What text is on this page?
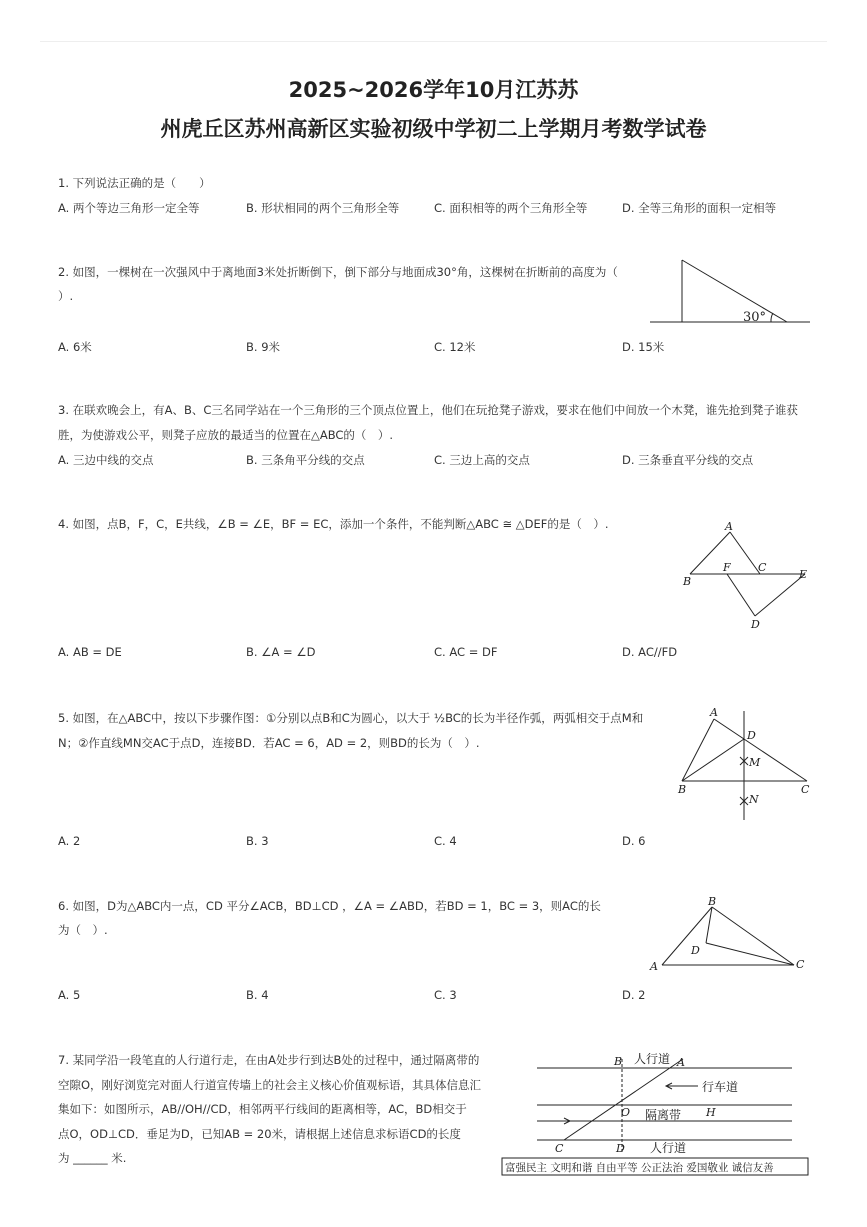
2025~2026学年10月江苏苏
州虎丘区苏州高新区实验初级中学初二上学期月考数学试卷
1. 下列说法正确的是（　　）
A. 两个等边三角形一定全等	B. 形状相同的两个三角形全等	C. 面积相等的两个三角形全等	D. 全等三角形的面积一定相等
2. 如图，一棵树在一次强风中于离地面3米处折断倒下，倒下部分与地面成30°角，这棵树在折断前的高度为（
）.
30°
A. 6米	B. 9米	C. 12米	D. 15米
3. 在联欢晚会上，有A、B、C三名同学站在一个三角形的三个顶点位置上，他们在玩抢凳子游戏，要求在他们中间放一个木凳，谁先抢到凳子谁获
胜，为使游戏公平，则凳子应放的最适当的位置在△ABC的（　）.
A. 三边中线的交点	B. 三条角平分线的交点	C. 三边上高的交点	D. 三条垂直平分线的交点
4. 如图，点B，F，C，E共线，∠B = ∠E，BF = EC，添加一个条件，不能判断△ABC ≅ △DEF的是（　）.	A
B
F C
E
D
A. AB = DE	B. ∠A = ∠D	C. AC = DF	D. AC//FD
5. 如图，在△ABC中，按以下步骤作图：①分别以点B和C为圆心，以大于 ½BC的长为半径作弧，两弧相交于点M和
N；②作直线MN交AC于点D，连接BD．若AC = 6，AD = 2，则BD的长为（　）.
A
D
M
B	C
N
A. 2	B. 3	C. 4	D. 6
6. 如图，D为△ABC内一点，CD 平分∠ACB，BD⊥CD ，∠A = ∠ABD，若BD = 1，BC = 3，则AC的长
为（　）.
B
D
A	C
A. 5	B. 4	C. 3	D. 2
7. 某同学沿一段笔直的人行道行走，在由A处步行到达B处的过程中，通过隔离带的
空隙O，刚好浏览完对面人行道宣传墙上的社会主义核心价值观标语，其具体信息汇
集如下：如图所示，AB//OH//CD，相邻两平行线间的距离相等，AC，BD相交于
点O，OD⊥CD．垂足为D，已知AB = 20米，请根据上述信息求标语CD的长度
为 ______ 米.
B	A
O	H
C	D
人行道
行车道
隔离带
人行道
富强民主 文明和谐 自由平等 公正法治 爱国敬业 诚信友善
